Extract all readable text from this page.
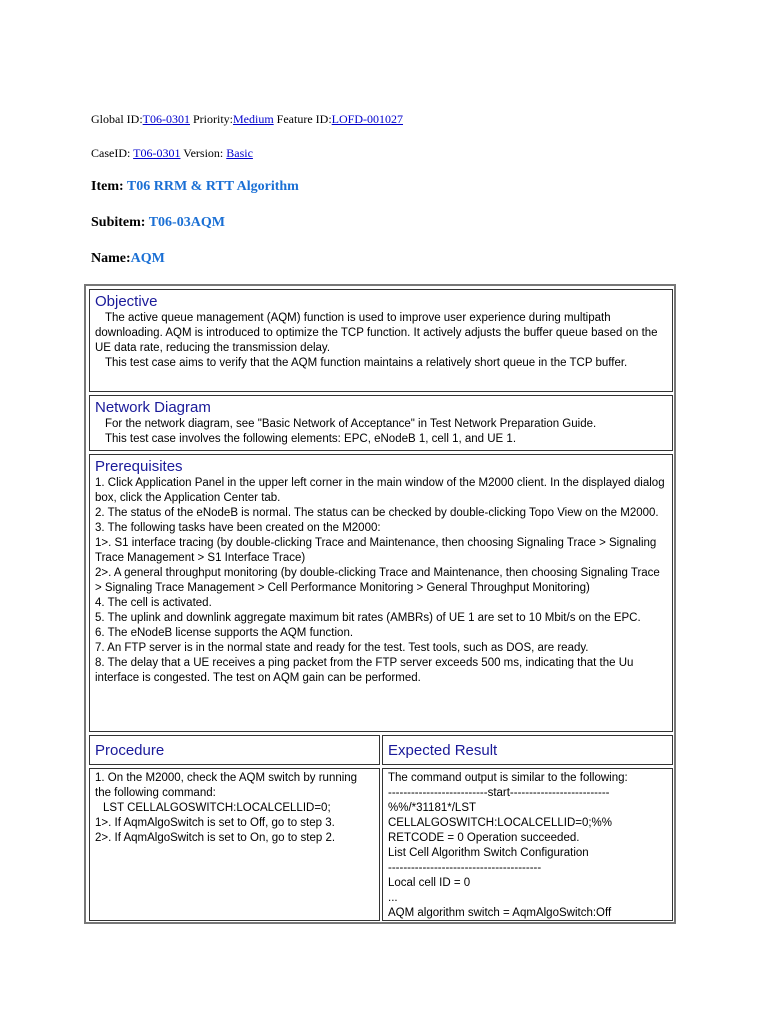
Global ID:T06-0301 Priority:Medium Feature ID:LOFD-001027
CaseID: T06-0301 Version: Basic
Item: T06 RRM & RTT Algorithm
Subitem: T06-03AQM
Name:AQM
Objective

The active queue management (AQM) function is used to improve user experience during multipath downloading. AQM is introduced to optimize the TCP function. It actively adjusts the buffer queue based on the UE data rate, reducing the transmission delay.

This test case aims to verify that the AQM function maintains a relatively short queue in the TCP buffer.

Network Diagram

For the network diagram, see "Basic Network of Acceptance" in Test Network Preparation Guide.

This test case involves the following elements: EPC, eNodeB 1, cell 1, and UE 1.

Prerequisites

1. Click Application Panel in the upper left corner in the main window of the M2000 client. In the displayed dialog box, click the Application Center tab.

2. The status of the eNodeB is normal. The status can be checked by double-clicking Topo View on the M2000.

3. The following tasks have been created on the M2000:

1>. S1 interface tracing (by double-clicking Trace and Maintenance, then choosing Signaling Trace > Signaling Trace Management > S1 Interface Trace)

2>. A general throughput monitoring (by double-clicking Trace and Maintenance, then choosing Signaling Trace > Signaling Trace Management > Cell Performance Monitoring > General Throughput Monitoring)

4. The cell is activated.

5. The uplink and downlink aggregate maximum bit rates (AMBRs) of UE 1 are set to 10 Mbit/s on the EPC.

6. The eNodeB license supports the AQM function.

7. An FTP server is in the normal state and ready for the test. Test tools, such as DOS, are ready.

8. The delay that a UE receives a ping packet from the FTP server exceeds 500 ms, indicating that the Uu interface is congested. The test on AQM gain can be performed.

Procedure	Expected Result

1. On the M2000, check the AQM switch by running the following command:

LST CELLALGOSWITCH:LOCALCELLID=0;

1>. If AqmAlgoSwitch is set to Off, go to step 3.

2>. If AqmAlgoSwitch is set to On, go to step 2.

The command output is similar to the following:

--------------------------start--------------------------

%%/*31181*/LST CELLALGOSWITCH:LOCALCELLID=0;%%

RETCODE = 0 Operation succeeded.

List Cell Algorithm Switch Configuration

----------------------------------------

Local cell ID = 0

...

AQM algorithm switch = AqmAlgoSwitch:Off
